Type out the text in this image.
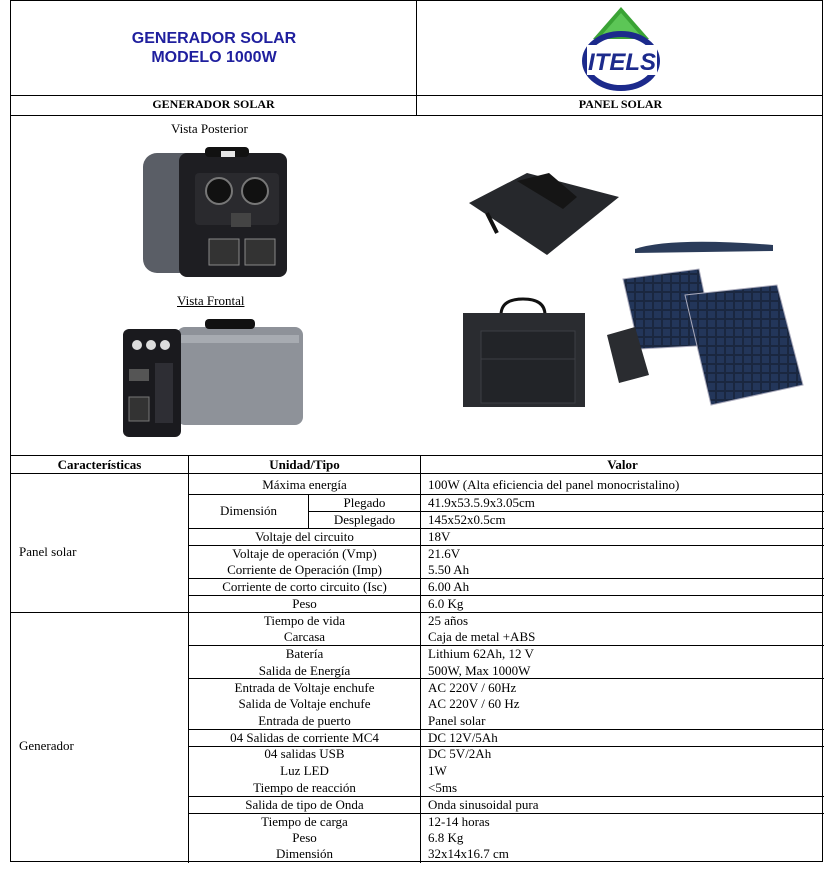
GENERADOR SOLAR
MODELO 1000W	ITELS
GENERADOR SOLAR	PANEL SOLAR
Vista Posterior
Vista Frontal
Características	Unidad/Tipo	Valor
Panel solar
Generador
Máxima energía	100W (Alta eficiencia del panel monocristalino)
Dimensión
Plegado	41.9x53.5.9x3.05cm
Desplegado	145x52x0.5cm
Voltaje del circuito	18V
Voltaje de operación (Vmp)	21.6V
Corriente de Operación (Imp)	5.50 Ah
Corriente de corto circuito (Isc)	6.00 Ah
Peso	6.0 Kg
Tiempo de vida	25 años
Carcasa	Caja de metal +ABS
Batería	Lithium 62Ah, 12 V
Salida de Energía	500W, Max 1000W
Entrada de Voltaje enchufe	AC 220V / 60Hz
Salida de Voltaje enchufe	AC 220V / 60 Hz
Entrada de puerto	Panel solar
04 Salidas de corriente MC4	DC 12V/5Ah
04 salidas USB	DC 5V/2Ah
Luz LED	1W
Tiempo de reacción	<5ms
Salida de tipo de Onda	Onda sinusoidal pura
Tiempo de carga	12-14 horas
Peso	6.8 Kg
Dimensión	32x14x16.7 cm
